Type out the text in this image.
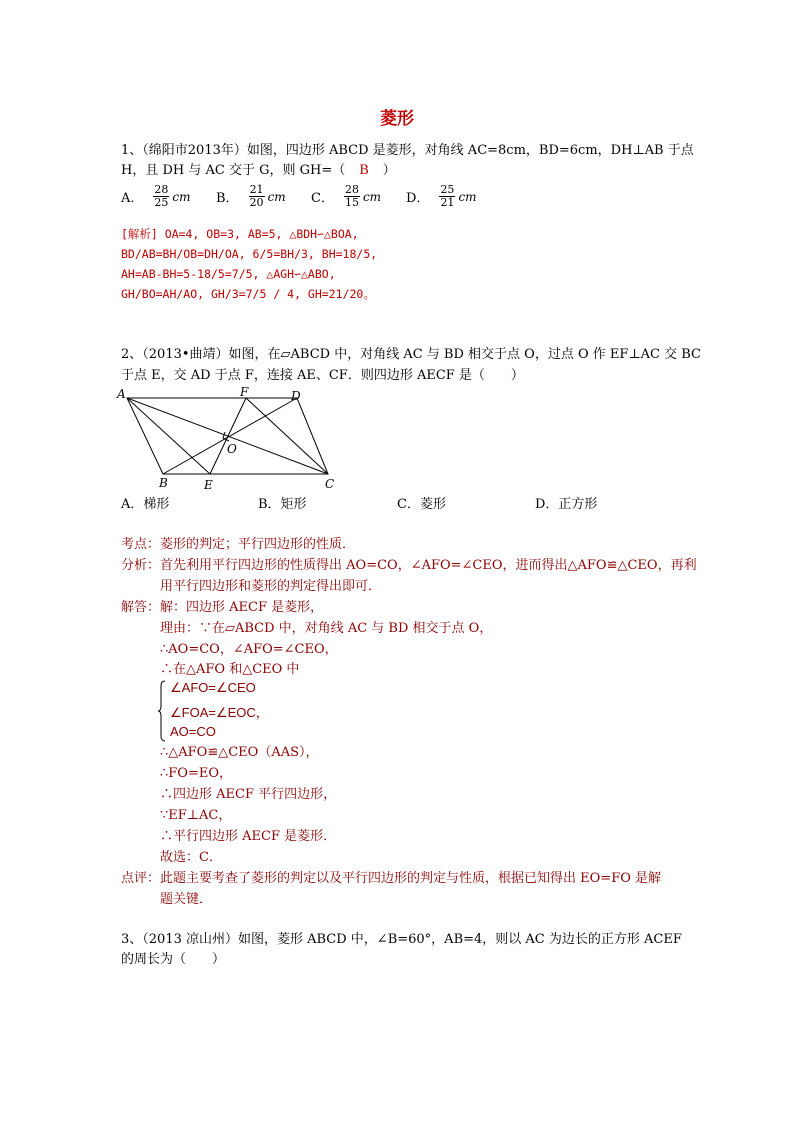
菱形
1、（绵阳市2013年）如图，四边形 ABCD 是菱形，对角线 AC=8cm，BD=6cm，DH⊥AB 于点
H，且 DH 与 AC 交于 G，则 GH=（ B ）
A． $\frac{28}{25}$ cm B． $\frac{21}{20}$ cm C． $\frac{28}{15}$ cm D． $\frac{25}{21}$ cm
[解析] OA=4, OB=3, AB=5, △BDH∽△BOA,
BD/AB=BH/OB=DH/OA, 6/5=BH/3, BH=18/5,
AH=AB-BH=5-18/5=7/5, △AGH∽△ABO,
GH/BO=AH/AO, GH/3=7/5 / 4, GH=21/20。
2、（2013•曲靖）如图，在▱ABCD 中，对角线 AC 与 BD 相交于点 O，过点 O 作 EF⊥AC 交 BC
于点 E，交 AD 于点 F，连接 AE、CF．则四边形 AECF 是（　　）
A	F	D
O
B	E	C
A．梯形	B．矩形	C．菱形	D．正方形
考点：菱形的判定；平行四边形的性质．
分析：首先利用平行四边形的性质得出 AO=CO，∠AFO=∠CEO，进而得出△AFO≌△CEO，再利
用平行四边形和菱形的判定得出即可．
解答：解：四边形 AECF 是菱形，
理由：∵在▱ABCD 中，对角线 AC 与 BD 相交于点 O，
∴AO=CO，∠AFO=∠CEO，
∴在△AFO 和△CEO 中
∠AFO=∠CEO
∠FOA=∠EOC，
AO=CO
∴△AFO≌△CEO（AAS），
∴FO=EO，
∴四边形 AECF 平行四边形，
∵EF⊥AC，
∴平行四边形 AECF 是菱形．
故选：C．
点评：此题主要考查了菱形的判定以及平行四边形的判定与性质，根据已知得出 EO=FO 是解
题关键．
3、（2013 凉山州）如图，菱形 ABCD 中，∠B=60°，AB=4，则以 AC 为边长的正方形 ACEF
的周长为（　　）
